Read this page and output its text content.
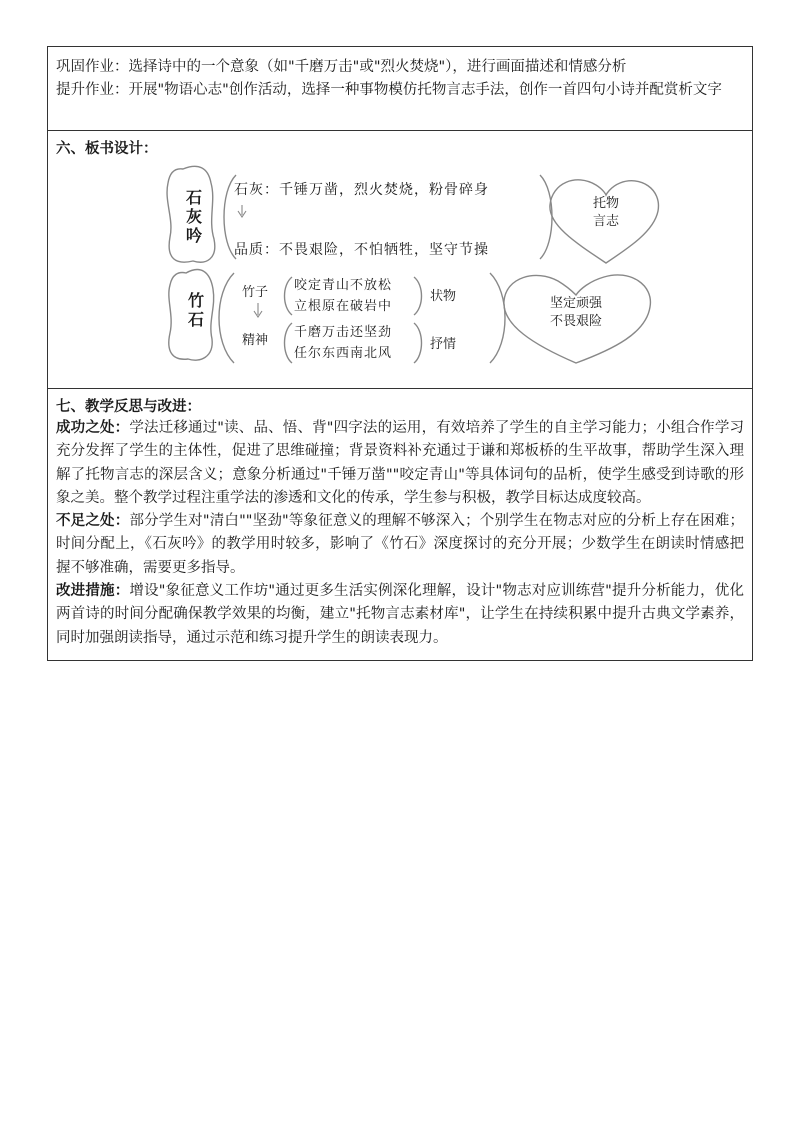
巩固作业：选择诗中的一个意象（如"千磨万击"或"烈火焚烧"），进行画面描述和情感分析
提升作业：开展"物语心志"创作活动，选择一种事物模仿托物言志手法，创作一首四句小诗并配赏析文字
六、板书设计：
石灰吟
石灰：千锤万凿，烈火焚烧，粉骨碎身
品质：不畏艰险，不怕牺牲，坚守节操
托物
言志
竹石
竹子
精神
咬定青山不放松
立根原在破岩中
千磨万击还坚劲
任尔东西南北风
状物
抒情
坚定顽强
不畏艰险
七、教学反思与改进：
成功之处：学法迁移通过"读、品、悟、背"四字法的运用，有效培养了学生的自主学习能力；小组合作学习充分发挥了学生的主体性，促进了思维碰撞；背景资料补充通过于谦和郑板桥的生平故事，帮助学生深入理解了托物言志的深层含义；意象分析通过"千锤万凿""咬定青山"等具体词句的品析，使学生感受到诗歌的形象之美。整个教学过程注重学法的渗透和文化的传承，学生参与积极，教学目标达成度较高。
不足之处：部分学生对"清白""坚劲"等象征意义的理解不够深入；个别学生在物志对应的分析上存在困难；时间分配上，《石灰吟》的教学用时较多，影响了《竹石》深度探讨的充分开展；少数学生在朗读时情感把握不够准确，需要更多指导。
改进措施：增设"象征意义工作坊"通过更多生活实例深化理解，设计"物志对应训练营"提升分析能力，优化两首诗的时间分配确保教学效果的均衡，建立"托物言志素材库"，让学生在持续积累中提升古典文学素养，同时加强朗读指导，通过示范和练习提升学生的朗读表现力。
